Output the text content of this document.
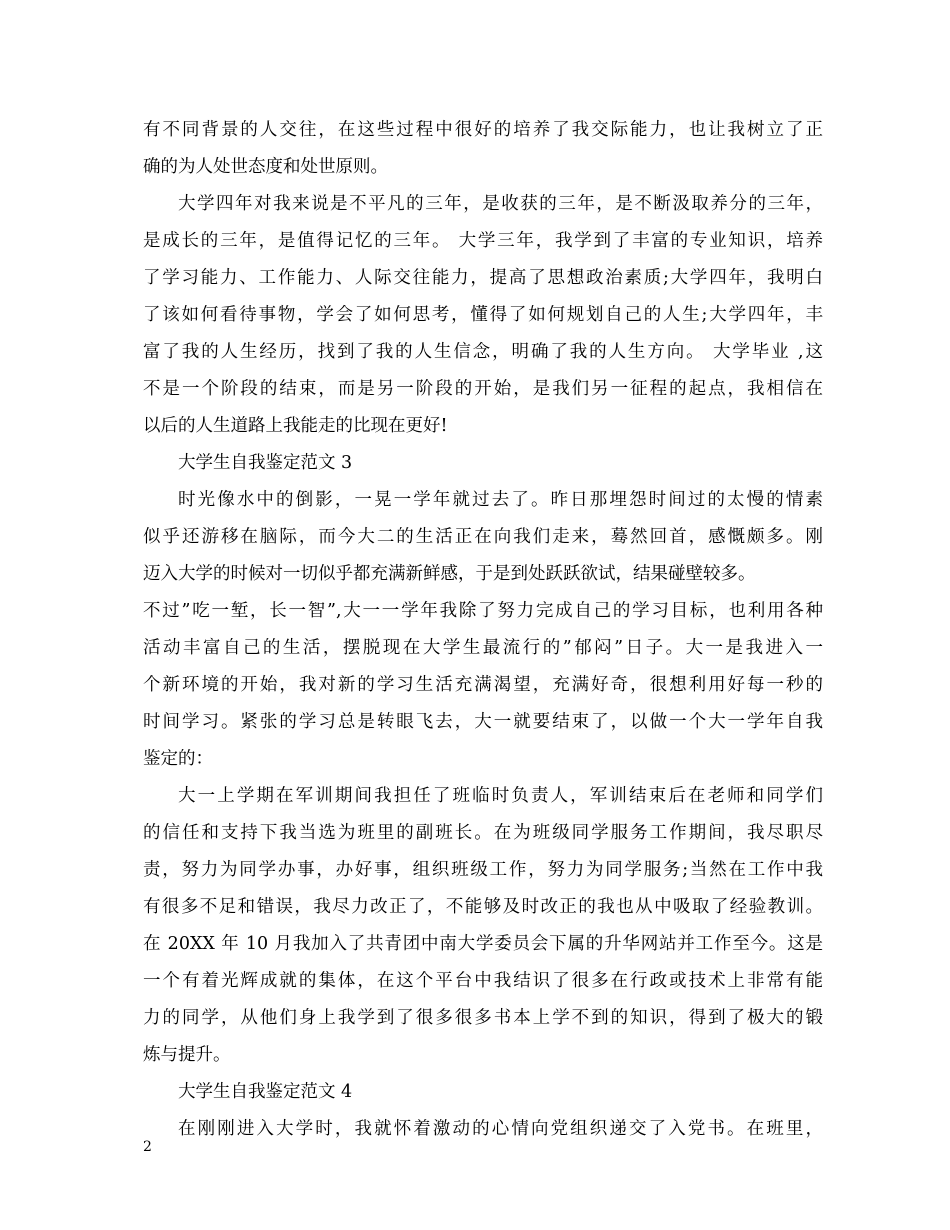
有不同背景的人交往，在这些过程中很好的培养了我交际能力，也让我树立了正
确的为人处世态度和处世原则。
大学四年对我来说是不平凡的三年，是收获的三年，是不断汲取养分的三年，
是成长的三年，是值得记忆的三年。 大学三年，我学到了丰富的专业知识，培养
了学习能力、工作能力、人际交往能力，提高了思想政治素质;大学四年，我明白
了该如何看待事物，学会了如何思考，懂得了如何规划自己的人生;大学四年，丰
富了我的人生经历，找到了我的人生信念，明确了我的人生方向。 大学毕业 ,这
不是一个阶段的结束，而是另一阶段的开始，是我们另一征程的起点，我相信在
以后的人生道路上我能走的比现在更好!
大学生自我鉴定范文 3
时光像水中的倒影，一晃一学年就过去了。昨日那埋怨时间过的太慢的情素
似乎还游移在脑际，而今大二的生活正在向我们走来，蓦然回首，感慨颇多。刚
迈入大学的时候对一切似乎都充满新鲜感，于是到处跃跃欲试，结果碰壁较多。
不过”吃一堑，长一智”,大一一学年我除了努力完成自己的学习目标，也利用各种
活动丰富自己的生活，摆脱现在大学生最流行的”郁闷”日子。大一是我进入一
个新环境的开始，我对新的学习生活充满渴望，充满好奇，很想利用好每一秒的
时间学习。紧张的学习总是转眼飞去，大一就要结束了，以做一个大一学年自我
鉴定的：
大一上学期在军训期间我担任了班临时负责人，军训结束后在老师和同学们
的信任和支持下我当选为班里的副班长。在为班级同学服务工作期间，我尽职尽
责，努力为同学办事，办好事，组织班级工作，努力为同学服务;当然在工作中我
有很多不足和错误，我尽力改正了，不能够及时改正的我也从中吸取了经验教训。
在 20XX 年 10 月我加入了共青团中南大学委员会下属的升华网站并工作至今。这是
一个有着光辉成就的集体，在这个平台中我结识了很多在行政或技术上非常有能
力的同学，从他们身上我学到了很多很多书本上学不到的知识，得到了极大的锻
炼与提升。
大学生自我鉴定范文 4
在刚刚进入大学时，我就怀着激动的心情向党组织递交了入党书。在班里，
2
